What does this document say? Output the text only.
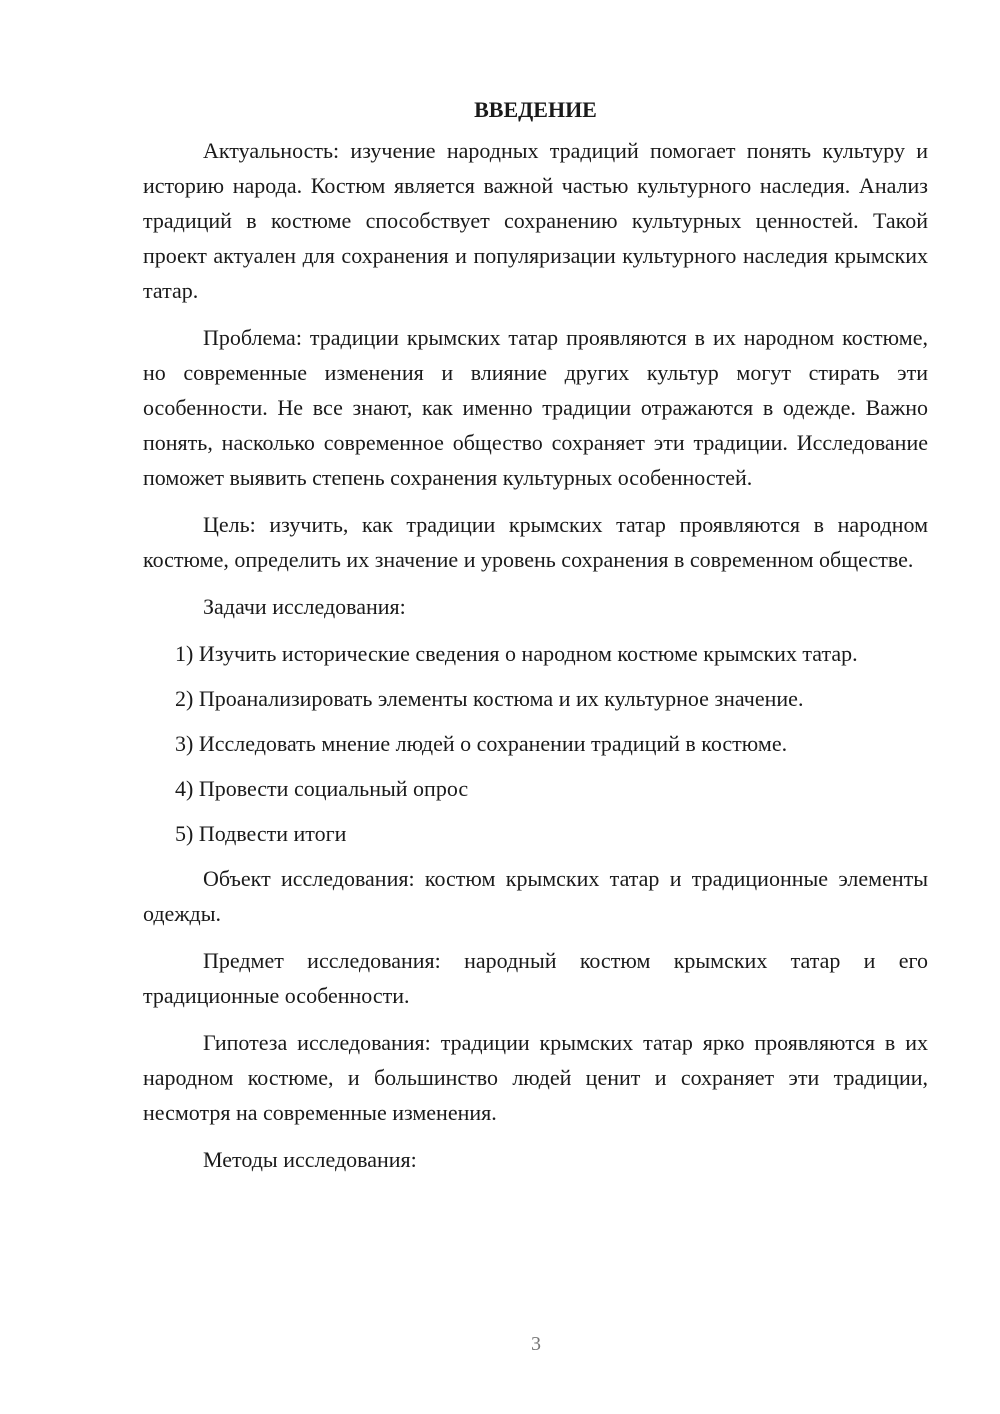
ВВЕДЕНИЕ

Актуальность: изучение народных традиций помогает понять культуру и историю народа. Костюм является важной частью культурного наследия. Анализ традиций в костюме способствует сохранению культурных ценностей. Такой проект актуален для сохранения и популяризации культурного наследия крымских татар.

Проблема: традиции крымских татар проявляются в их народном костюме, но современные изменения и влияние других культур могут стирать эти особенности. Не все знают, как именно традиции отражаются в одежде. Важно понять, насколько современное общество сохраняет эти традиции. Исследование поможет выявить степень сохранения культурных особенностей.

Цель: изучить, как традиции крымских татар проявляются в народном костюме, определить их значение и уровень сохранения в современном обществе.

Задачи исследования:

1) Изучить исторические сведения о народном костюме крымских татар.

2) Проанализировать элементы костюма и их культурное значение.

3) Исследовать мнение людей о сохранении традиций в костюме.

4) Провести социальный опрос

5) Подвести итоги

Объект исследования: костюм крымских татар и традиционные элементы одежды.

Предмет исследования: народный костюм крымских татар и его традиционные особенности.

Гипотеза исследования: традиции крымских татар ярко проявляются в их народном костюме, и большинство людей ценит и сохраняет эти традиции, несмотря на современные изменения.

Методы исследования:

3
